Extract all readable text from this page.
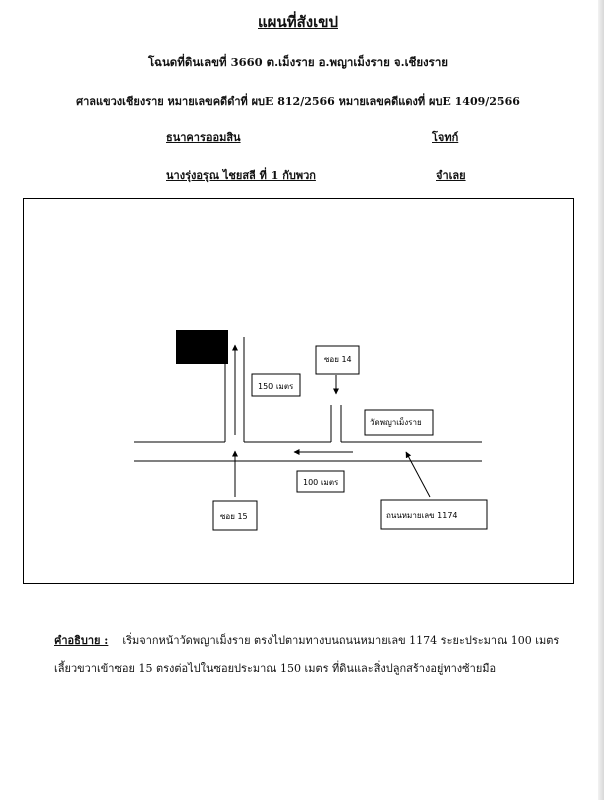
แผนที่สังเขป
โฉนดที่ดินเลขที่ 3660 ต.เม็งราย อ.พญาเม็งราย จ.เชียงราย
ศาลแขวงเชียงราย หมายเลขคดีดำที่ ผบE 812/2566 หมายเลขคดีแดงที่ ผบE 1409/2566
ธนาคารออมสิน	โจทก์
นางรุ่งอรุณ ไชยสลี ที่ 1 กับพวก	จำเลย
ซอย 14
150 เมตร
วัดพญาเม็งราย
100 เมตร
ซอย 15	ถนนหมายเลข 1174
คำอธิบาย : เริ่มจากหน้าวัดพญาเม็งราย ตรงไปตามทางบนถนนหมายเลข 1174 ระยะประมาณ 100 เมตร
เลี้ยวขวาเข้าซอย 15 ตรงต่อไปในซอยประมาณ 150 เมตร ที่ดินและสิ่งปลูกสร้างอยู่ทางซ้ายมือ
